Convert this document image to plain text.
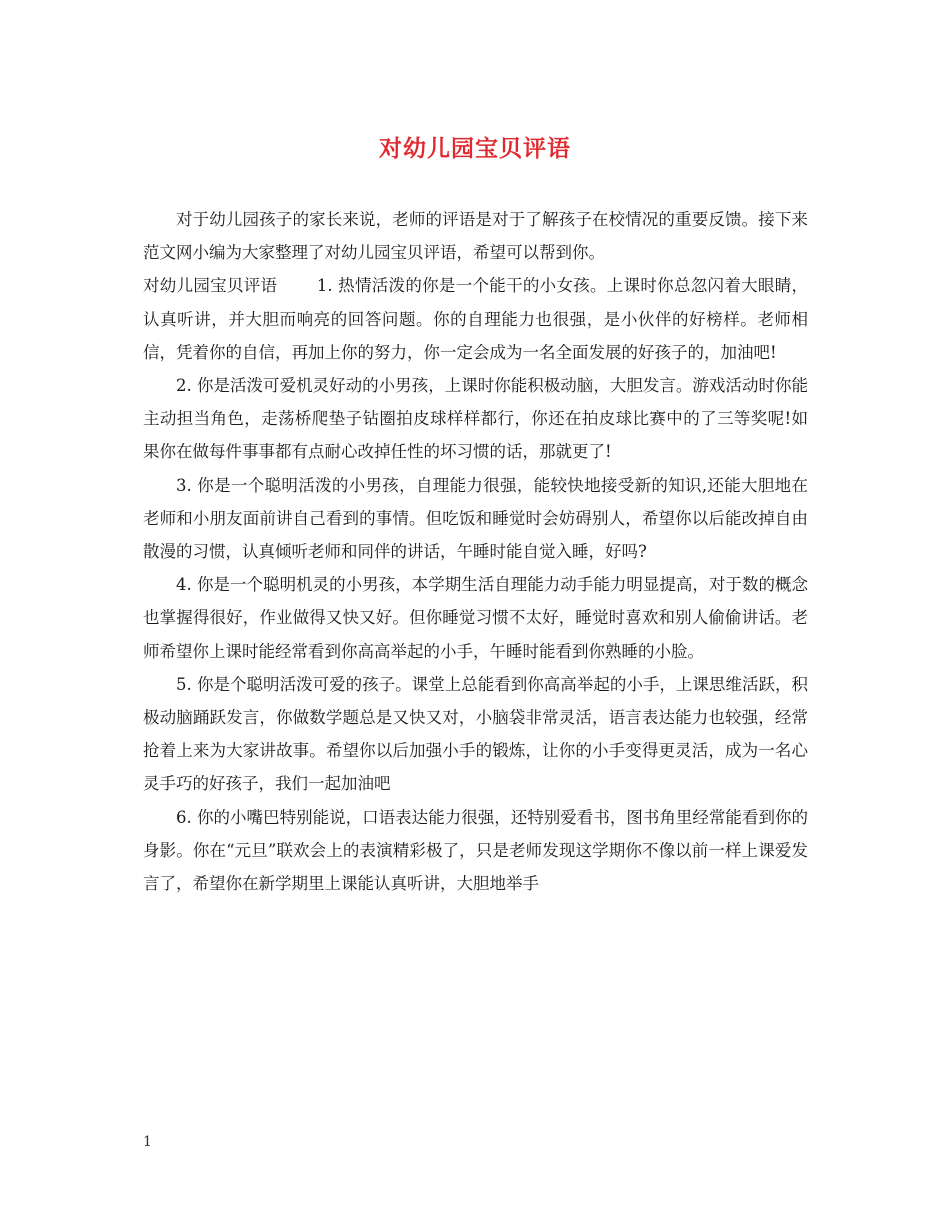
对幼儿园宝贝评语

对于幼儿园孩子的家长来说，老师的评语是对于了解孩子在校情况的重要反馈。接下来范文网小编为大家整理了对幼儿园宝贝评语，希望可以帮到你。

对幼儿园宝贝评语 1. 热情活泼的你是一个能干的小女孩。上课时你总忽闪着大眼睛，认真听讲，并大胆而响亮的回答问题。你的自理能力也很强，是小伙伴的好榜样。老师相信，凭着你的自信，再加上你的努力，你一定会成为一名全面发展的好孩子的，加油吧!

2. 你是活泼可爱机灵好动的小男孩，上课时你能积极动脑，大胆发言。游戏活动时你能主动担当角色，走荡桥爬垫子钻圈拍皮球样样都行，你还在拍皮球比赛中的了三等奖呢!如果你在做每件事事都有点耐心改掉任性的坏习惯的话，那就更了!

3. 你是一个聪明活泼的小男孩，自理能力很强，能较快地接受新的知识,还能大胆地在老师和小朋友面前讲自己看到的事情。但吃饭和睡觉时会妨碍别人，希望你以后能改掉自由散漫的习惯，认真倾听老师和同伴的讲话，午睡时能自觉入睡，好吗?

4. 你是一个聪明机灵的小男孩，本学期生活自理能力动手能力明显提高，对于数的概念也掌握得很好，作业做得又快又好。但你睡觉习惯不太好，睡觉时喜欢和别人偷偷讲话。老师希望你上课时能经常看到你高高举起的小手，午睡时能看到你熟睡的小脸。

5. 你是个聪明活泼可爱的孩子。课堂上总能看到你高高举起的小手，上课思维活跃，积极动脑踊跃发言，你做数学题总是又快又对，小脑袋非常灵活，语言表达能力也较强，经常抢着上来为大家讲故事。希望你以后加强小手的锻炼，让你的小手变得更灵活，成为一名心灵手巧的好孩子，我们一起加油吧

6. 你的小嘴巴特别能说，口语表达能力很强，还特别爱看书，图书角里经常能看到你的身影。你在“元旦”联欢会上的表演精彩极了，只是老师发现这学期你不像以前一样上课爱发言了，希望你在新学期里上课能认真听讲，大胆地举手

1
